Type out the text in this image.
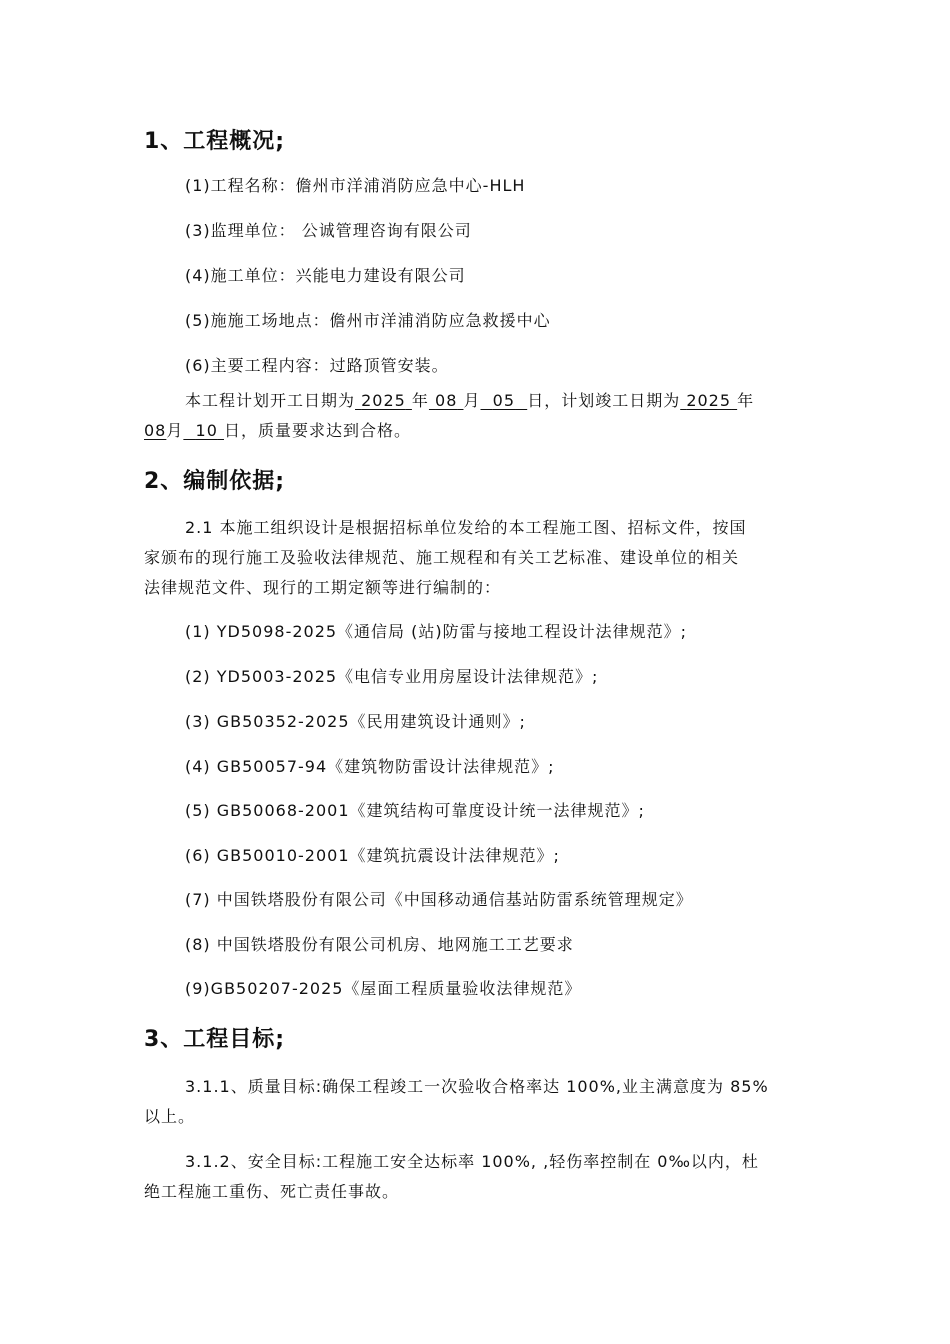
1、工程概况;
(1)工程名称：儋州市洋浦消防应急中心-HLH
(3)监理单位： 公诚管理咨询有限公司
(4)施工单位：兴能电力建设有限公司
(5)施施工场地点：儋州市洋浦消防应急救援中心
(6)主要工程内容：过路顶管安装。
本工程计划开工日期为 2025 年 08 月 05 日，计划竣工日期为 2025 年
08月 10 日，质量要求达到合格。
2、编制依据;
2.1 本施工组织设计是根据招标单位发给的本工程施工图、招标文件，按国
家颁布的现行施工及验收法律规范、施工规程和有关工艺标准、建设单位的相关
法律规范文件、现行的工期定额等进行编制的：
(1) YD5098-2025《通信局 (站)防雷与接地工程设计法律规范》;
(2) YD5003-2025《电信专业用房屋设计法律规范》;
(3) GB50352-2025《民用建筑设计通则》;
(4) GB50057-94《建筑物防雷设计法律规范》;
(5) GB50068-2001《建筑结构可靠度设计统一法律规范》;
(6) GB50010-2001《建筑抗震设计法律规范》;
(7) 中国铁塔股份有限公司《中国移动通信基站防雷系统管理规定》
(8) 中国铁塔股份有限公司机房、地网施工工艺要求
(9)GB50207-2025《屋面工程质量验收法律规范》
3、工程目标;
3.1.1、质量目标:确保工程竣工一次验收合格率达 100%,业主满意度为 85%
以上。
3.1.2、安全目标:工程施工安全达标率 100%, ,轻伤率控制在 0‰以内，杜
绝工程施工重伤、死亡责任事故。
